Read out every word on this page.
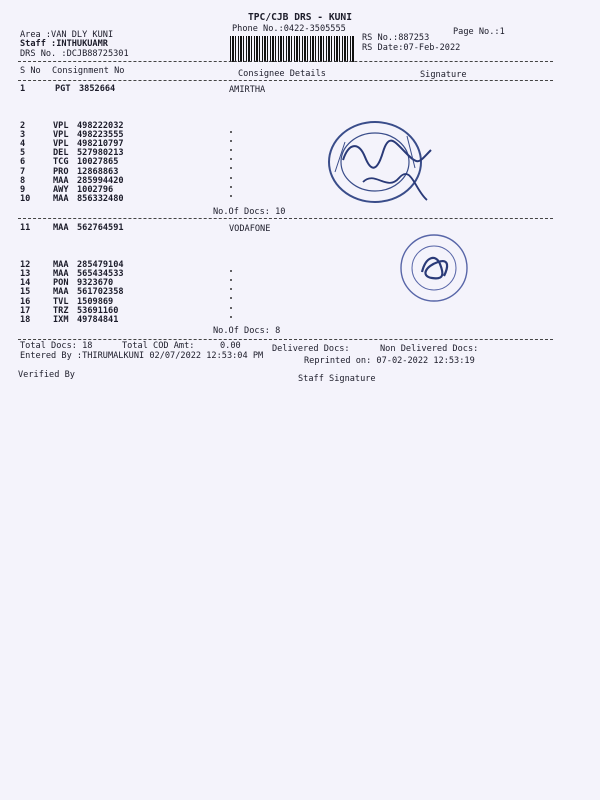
TPC/CJB DRS - KUNI
Phone No.:0422-3505555
Area :VAN DLY KUNI
Staff :INTHUKUAMR
DRS No. :DCJB88725301
RS No.:887253
RS Date:07-Feb-2022
Page No.:1
S No Consignment No	Consignee Details	Signature
1	PGT 3852664	AMIRTHA
2	VPL 498222032
3	VPL 498223555
4	VPL 498210797
5	DEL 527980213
6	TCG 10027865
7	PRO 12868863
8	MAA 285994420
9	AWY 1002796
10	MAA 856332480
No.Of Docs: 10
11	MAA 562764591	VODAFONE
12	MAA 285479104
13	MAA 565434533
14	PON 9323670
15	MAA 561702358
16	TVL 1509869
17	TRZ 53691160
18	IXM 49784841
No.Of Docs: 8
Total Docs: 18	Total COD Amt:	0.00	Delivered Docs:	Non Delivered Docs:
Entered By :THIRUMALKUNI 02/07/2022 12:53:04 PM	Reprinted on: 07-02-2022 12:53:19
Verified By	Staff Signature
